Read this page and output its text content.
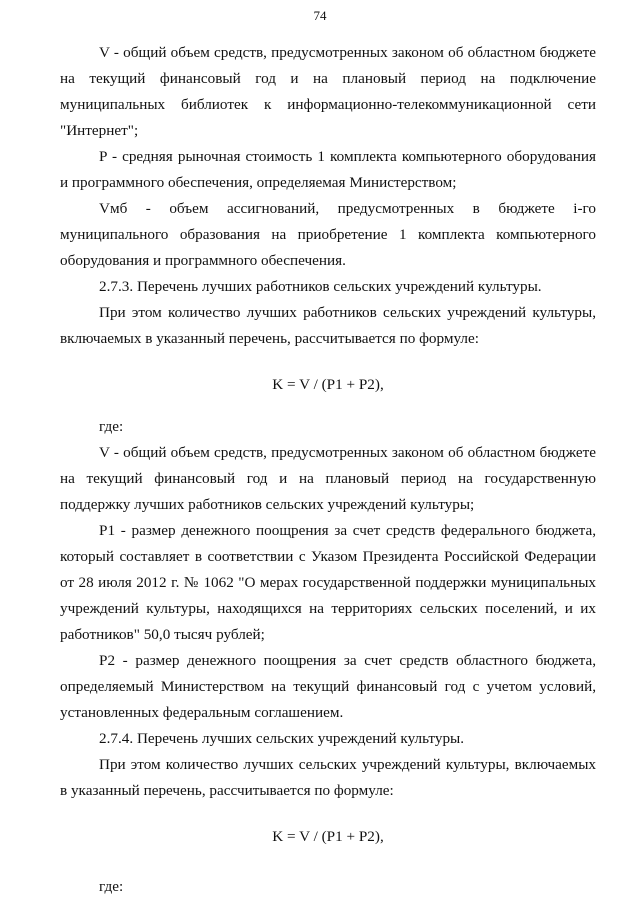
74

V - общий объем средств, предусмотренных законом об областном бюджете на текущий финансовый год и на плановый период на подключение муниципальных библиотек к информационно-телекоммуникационной сети "Интернет";

P - средняя рыночная стоимость 1 комплекта компьютерного оборудования и программного обеспечения, определяемая Министерством;

Vмб - объем ассигнований, предусмотренных в бюджете i-го муниципального образования на приобретение 1 комплекта компьютерного оборудования и программного обеспечения.

2.7.3. Перечень лучших работников сельских учреждений культуры.

При этом количество лучших работников сельских учреждений культуры, включаемых в указанный перечень, рассчитывается по формуле:

K = V / (P1 + P2),

где:

V - общий объем средств, предусмотренных законом об областном бюджете на текущий финансовый год и на плановый период на государственную поддержку лучших работников сельских учреждений культуры;

P1 - размер денежного поощрения за счет средств федерального бюджета, который составляет в соответствии с Указом Президента Российской Федерации от 28 июля 2012 г. № 1062 "О мерах государственной поддержки муниципальных учреждений культуры, находящихся на территориях сельских поселений, и их работников" 50,0 тысяч рублей;

P2 - размер денежного поощрения за счет средств областного бюджета, определяемый Министерством на текущий финансовый год с учетом условий, установленных федеральным соглашением.

2.7.4. Перечень лучших сельских учреждений культуры.

При этом количество лучших сельских учреждений культуры, включаемых в указанный перечень, рассчитывается по формуле:

K = V / (P1 + P2),

где:
